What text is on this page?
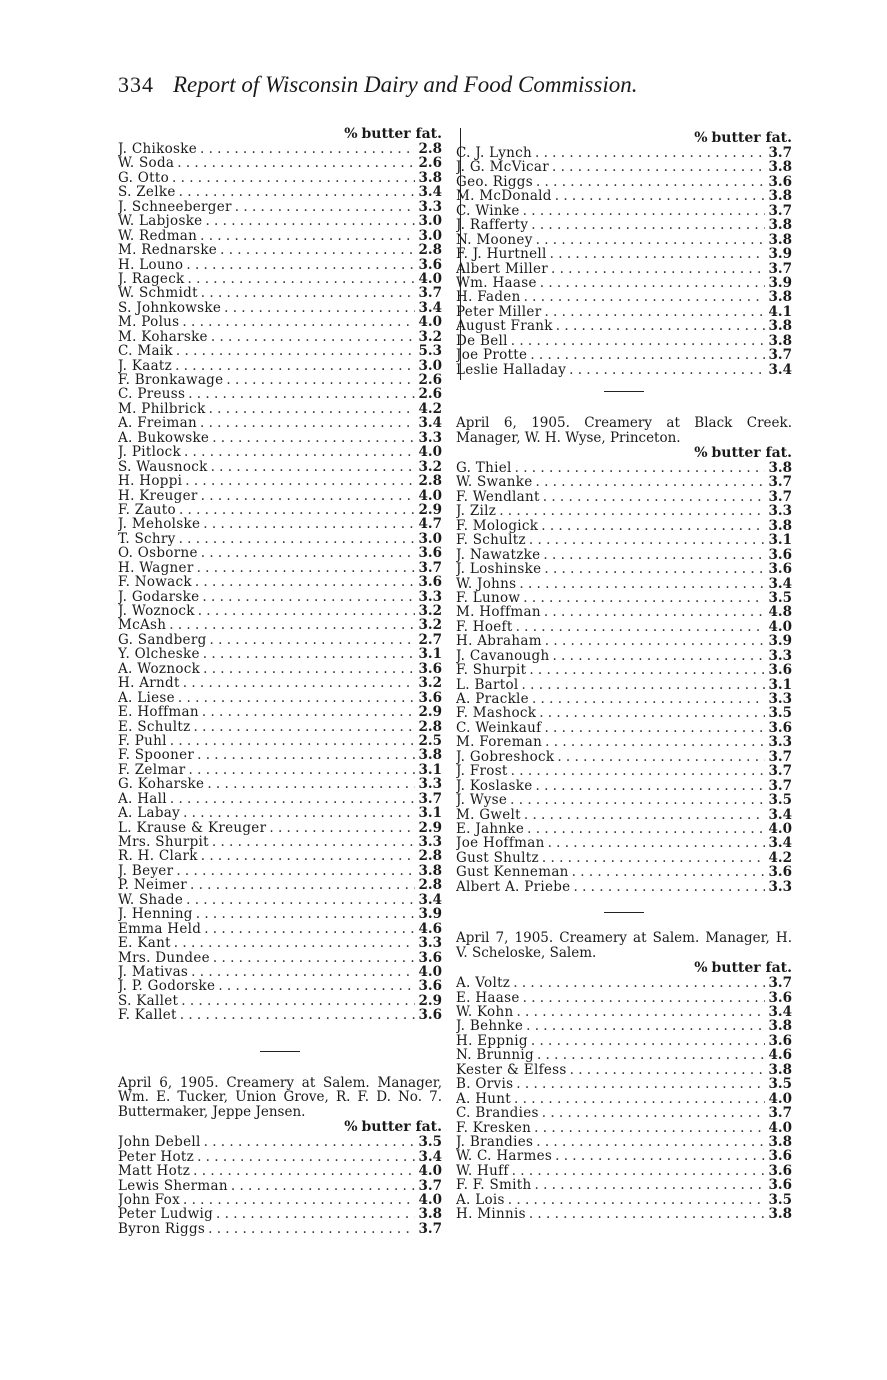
334 Report of Wisconsin Dairy and Food Commission.
% butter fat.
J. Chikoske . . .	2.8
W. Soda . . .	2.6
G. Otto . . .	3.8
S. Zelke . . .	3.4
J. Schneeberger . . .	3.3
W. Labjoske . . .	3.0
W. Redman . . .	3.0
M. Rednarske . . .	2.8
H. Louno . . .	3.6
J. Rageck . . .	4.0
W. Schmidt . . .	3.7
S. Johnkowske . . .	3.4
M. Polus . . .	4.0
M. Koharske . . .	3.2
C. Maik . . .	5.3
J. Kaatz . . .	3.0
F. Bronkawage . . .	2.6
C. Preuss . . .	2.6
M. Philbrick . . .	4.2
A. Freiman . . .	3.4
A. Bukowske . . .	3.3
J. Pitlock . . .	4.0
S. Wausnock . . .	3.2
H. Hoppi . . .	2.8
H. Kreuger . . .	4.0
F. Zauto . . .	2.9
J. Meholske . . .	4.7
T. Schry . . .	3.0
O. Osborne . . .	3.6
H. Wagner . . .	3.7
F. Nowack . . .	3.6
J. Godarske . . .	3.3
J. Woznock . . .	3.2
McAsh . . .	3.2
G. Sandberg . . .	2.7
Y. Olcheske . . .	3.1
A. Woznock . . .	3.6
H. Arndt . . .	3.2
A. Liese . . .	3.6
E. Hoffman . . .	2.9
E. Schultz . . .	2.8
F. Puhl . . .	2.5
F. Spooner . . .	3.8
F. Zelmar . . .	3.1
G. Koharske . . .	3.3
A. Hall . . .	3.7
A. Labay . . .	3.1
L. Krause & Kreuger . . .	2.9
Mrs. Shurpit . . .	3.3
R. H. Clark . . .	2.8
J. Beyer . . .	3.8
P. Neimer . . .	2.8
W. Shade . . .	3.4
J. Henning . . .	3.9
Emma Held . . .	4.6
E. Kant . . .	3.3
Mrs. Dundee . . .	3.6
J. Mativas . . .	4.0
J. P. Godorske . . .	3.6
S. Kallet . . .	2.9
F. Kallet . . .	3.6

April 6, 1905. Creamery at Salem. Manager, Wm. E. Tucker, Union Grove, R. F. D. No. 7. Buttermaker, Jeppe Jensen.

% butter fat.
John Debell . . .	3.5
Peter Hotz . . .	3.4
Matt Hotz . . .	4.0
Lewis Sherman . . .	3.7
John Fox . . .	4.0
Peter Ludwig . . .	3.8
Byron Riggs . . .	3.7
% butter fat.
C. J. Lynch . . .	3.7
J. G. McVicar . . .	3.8
Geo. Riggs . . .	3.6
M. McDonald . . .	3.8
C. Winke . . .	3.7
J. Rafferty . . .	3.8
N. Mooney . . .	3.8
F. J. Hurtnell . . .	3.9
Albert Miller . . .	3.7
Wm. Haase . . .	3.9
H. Faden . . .	3.8
Peter Miller . . .	4.1
August Frank . . .	3.8
De Bell . . .	3.8
Joe Protte . . .	3.7
Leslie Halladay . . .	3.4

April 6, 1905. Creamery at Black Creek. Manager, W. H. Wyse, Princeton.

% butter fat.
G. Thiel . . .	3.8
W. Swanke . . .	3.7
F. Wendlant . . .	3.7
J. Zilz . . .	3.3
F. Mologick . . .	3.8
F. Schultz . . .	3.1
J. Nawatzke . . .	3.6
J. Loshinske . . .	3.6
W. Johns . . .	3.4
F. Lunow . . .	3.5
M. Hoffman . . .	4.8
F. Hoeft . . .	4.0
H. Abraham . . .	3.9
J. Cavanough . . .	3.3
F. Shurpit . . .	3.6
L. Bartol . . .	3.1
A. Prackle . . .	3.3
F. Mashock . . .	3.5
C. Weinkauf . . .	3.6
M. Foreman . . .	3.3
J. Gobreshock . . .	3.7
J. Frost . . .	3.7
J. Koslaske . . .	3.7
J. Wyse . . .	3.5
M. Gwelt . . .	3.4
E. Jahnke . . .	4.0
Joe Hoffman . . .	3.4
Gust Shultz . . .	4.2
Gust Kenneman . . .	3.6
Albert A. Priebe . . .	3.3

April 7, 1905. Creamery at Salem. Manager, H. V. Scheloske, Salem.

% butter fat.
A. Voltz . . .	3.7
E. Haase . . .	3.6
W. Kohn . . .	3.4
J. Behnke . . .	3.8
H. Eppnig . . .	3.6
N. Brunnig . . .	4.6
Kester & Elfess . . .	3.8
B. Orvis . . .	3.5
A. Hunt . . .	4.0
C. Brandies . . .	3.7
F. Kresken . . .	4.0
J. Brandies . . .	3.8
W. C. Harmes . . .	3.6
W. Huff . . .	3.6
F. F. Smith . . .	3.6
A. Lois . . .	3.5
H. Minnis . . .	3.8
